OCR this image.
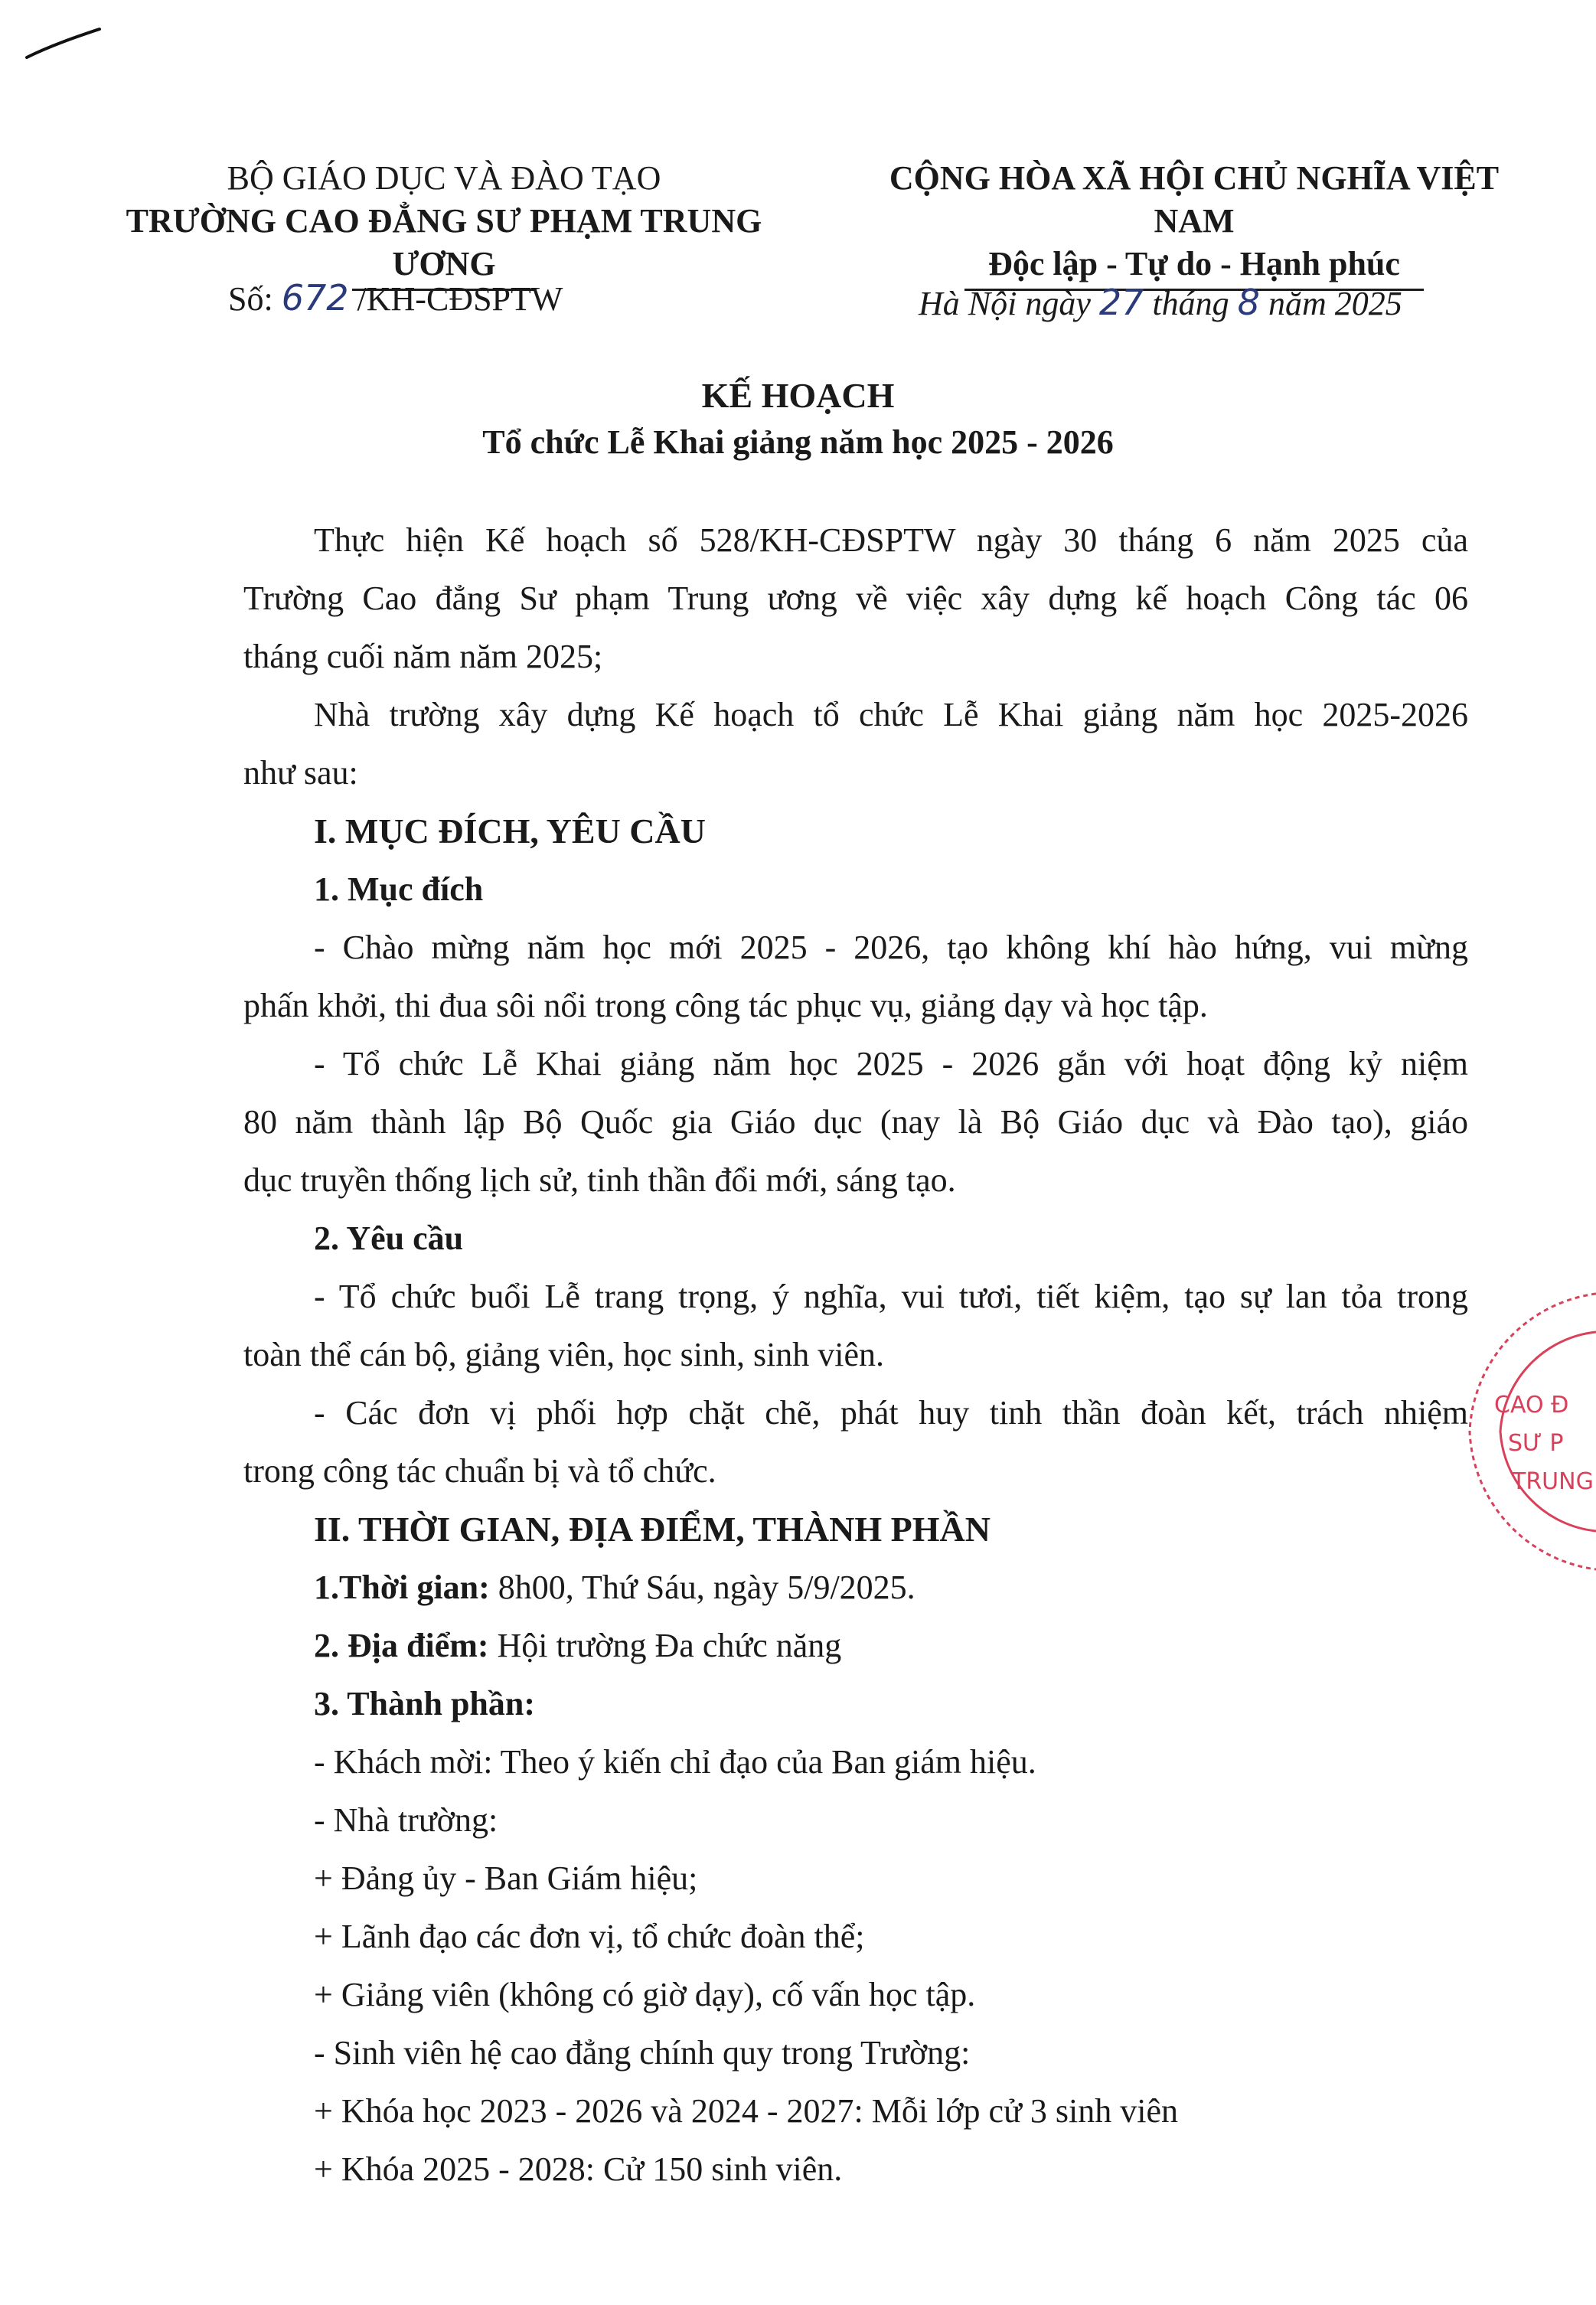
BỘ GIÁO DỤC VÀ ĐÀO TẠO
TRƯỜNG CAO ĐẲNG SƯ PHẠM TRUNG ƯƠNG
CỘNG HÒA XÃ HỘI CHỦ NGHĨA VIỆT NAM
Độc lập - Tự do - Hạnh phúc
Số: 672 /KH-CĐSPTW	Hà Nội ngày 27 tháng 8 năm 2025
KẾ HOẠCH
Tổ chức Lễ Khai giảng năm học 2025 - 2026
Thực hiện Kế hoạch số 528/KH-CĐSPTW ngày 30 tháng 6 năm 2025 của
Trường Cao đẳng Sư phạm Trung ương về việc xây dựng kế hoạch Công tác 06
tháng cuối năm năm 2025;
Nhà trường xây dựng Kế hoạch tổ chức Lễ Khai giảng năm học 2025-2026
như sau:
I. MỤC ĐÍCH, YÊU CẦU
1. Mục đích
- Chào mừng năm học mới 2025 - 2026, tạo không khí hào hứng, vui mừng
phấn khởi, thi đua sôi nổi trong công tác phục vụ, giảng dạy và học tập.
- Tổ chức Lễ Khai giảng năm học 2025 - 2026 gắn với hoạt động kỷ niệm
80 năm thành lập Bộ Quốc gia Giáo dục (nay là Bộ Giáo dục và Đào tạo), giáo
dục truyền thống lịch sử, tinh thần đổi mới, sáng tạo.
2. Yêu cầu
- Tổ chức buổi Lễ trang trọng, ý nghĩa, vui tươi, tiết kiệm, tạo sự lan tỏa trong
toàn thể cán bộ, giảng viên, học sinh, sinh viên.
- Các đơn vị phối hợp chặt chẽ, phát huy tinh thần đoàn kết, trách nhiệm
trong công tác chuẩn bị và tổ chức.
II. THỜI GIAN, ĐỊA ĐIỂM, THÀNH PHẦN
1.Thời gian: 8h00, Thứ Sáu, ngày 5/9/2025.
2. Địa điểm: Hội trường Đa chức năng
3. Thành phần:
- Khách mời: Theo ý kiến chỉ đạo của Ban giám hiệu.
- Nhà trường:
+ Đảng ủy - Ban Giám hiệu;
+ Lãnh đạo các đơn vị, tổ chức đoàn thể;
+ Giảng viên (không có giờ dạy), cố vấn học tập.
- Sinh viên hệ cao đẳng chính quy trong Trường:
+ Khóa học 2023 - 2026 và 2024 - 2027: Mỗi lớp cử 3 sinh viên
+ Khóa 2025 - 2028: Cử 150 sinh viên.
CAO Đ
SƯ P
TRUNG
